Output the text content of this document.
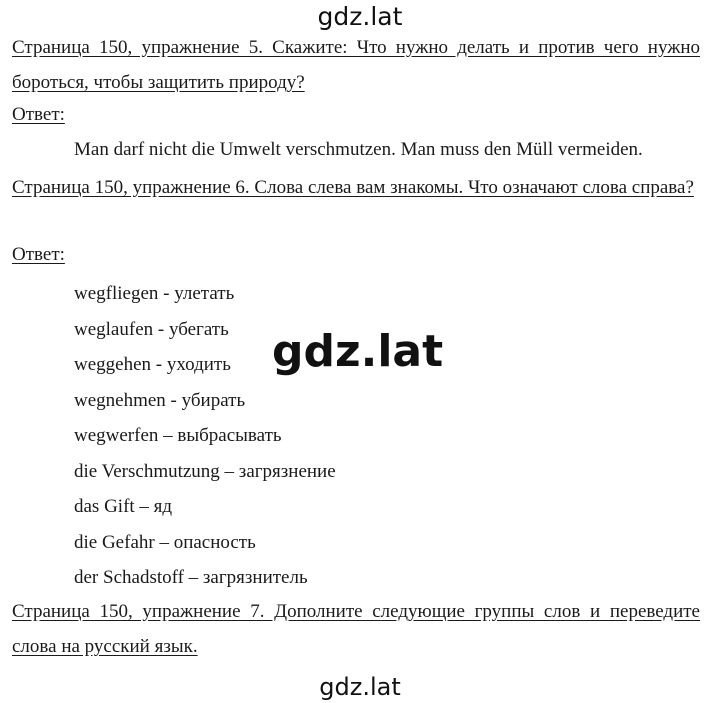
gdz.lat
Страница 150, упражнение 5. Скажите: Что нужно делать и против чего нужно бороться, чтобы защитить природу?
Ответ:
Man darf nicht die Umwelt verschmutzen. Man muss den Müll vermeiden.
Страница 150, упражнение 6. Слова слева вам знакомы. Что означают слова справа?
Ответ:
wegfliegen - улетать
weglaufen - убегать
weggehen - уходить
wegnehmen - убирать
wegwerfen – выбрасывать
die Verschmutzung – загрязнение
das Gift – яд
die Gefahr – опасность
der Schadstoff – загрязнитель
gdz.lat
Страница 150, упражнение 7. Дополните следующие группы слов и переведите слова на русский язык.
gdz.lat
